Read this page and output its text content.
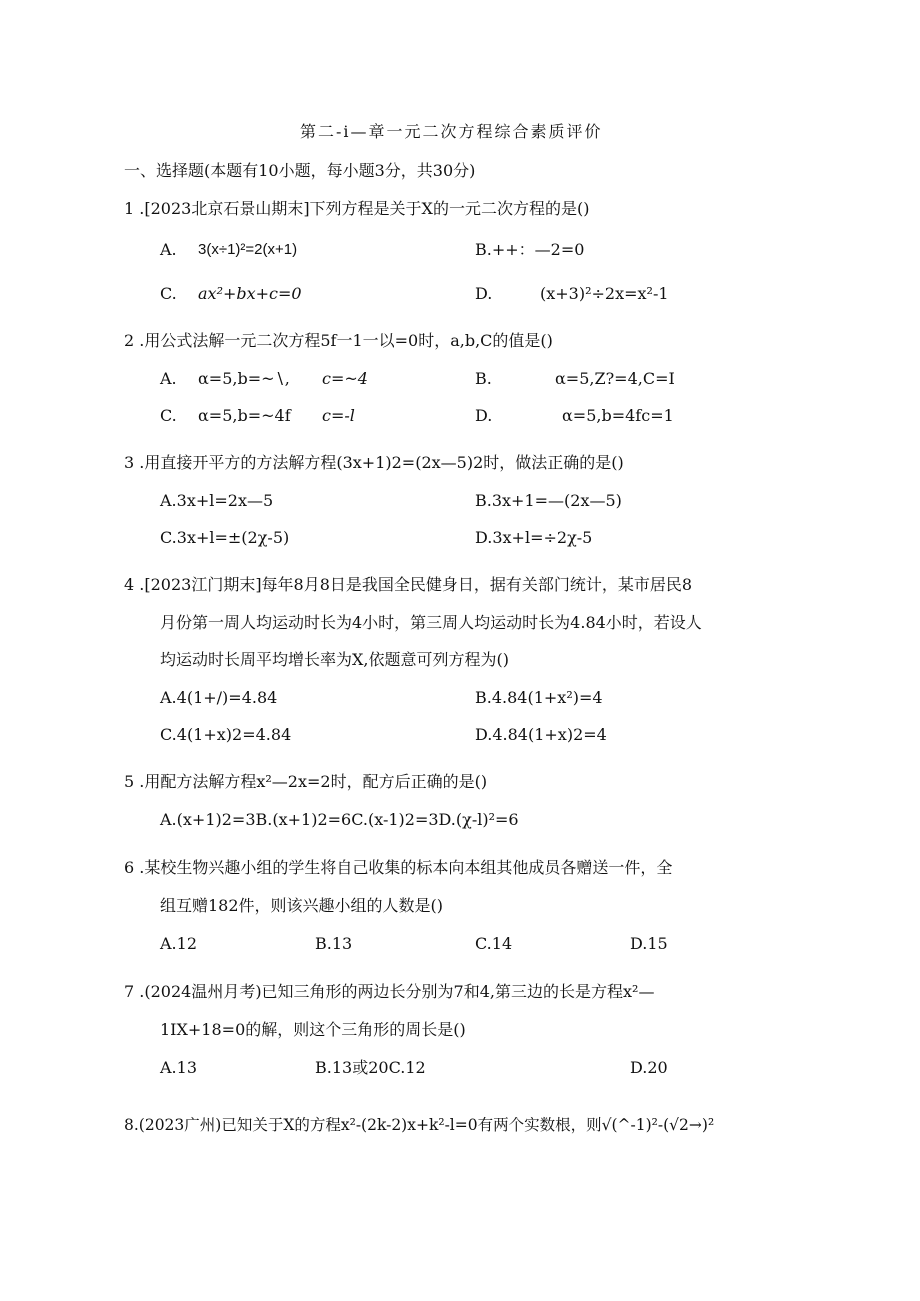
第二-i—章一元二次方程综合素质评价
一、选择题(本题有10小题，每小题3分，共30分)
1 .[2023北京石景山期末]下列方程是关于X的一元二次方程的是()
A. 3(x÷1)²=2(x+1)	B.++：—2=0
C. ax²+bx+c=0	D.	(x+3)²÷2x=x²-1
2 .用公式法解一元二次方程5f一1一以=0时，a,b,C的值是()
A. α=5,b=~∖, c=~4	B.	α=5,Z?=4,C=I
C. α=5,b=~4f c=-l	D.	α=5,b=4fc=1
3 .用直接开平方的方法解方程(3x+1)2=(2x—5)2时，做法正确的是()
A.3x+l=2x—5	B.3x+1=—(2x—5)
C.3x+l=±(2χ-5)	D.3x+l=÷2χ-5
4 .[2023江门期末]每年8月8日是我国全民健身日，据有关部门统计，某市居民8
月份第一周人均运动时长为4小时，第三周人均运动时长为4.84小时，若设人
均运动时长周平均增长率为X,依题意可列方程为()
A.4(1+/)=4.84	B.4.84(1+x²)=4
C.4(1+x)2=4.84	D.4.84(1+x)2=4
5 .用配方法解方程x²—2x=2时，配方后正确的是()
A.(x+1)2=3B.(x+1)2=6C.(x-1)2=3D.(χ-l)²=6
6 .某校生物兴趣小组的学生将自己收集的标本向本组其他成员各赠送一件，全
组互赠182件，则该兴趣小组的人数是()
A.12	B.13	C.14	D.15
7 .(2024温州月考)已知三角形的两边长分别为7和4,第三边的长是方程x²—
1IX+18=0的解，则这个三角形的周长是()
A.13	B.13或20C.12	D.20
8.(2023广州)已知关于X的方程x²-(2k-2)x+k²-l=0有两个实数根，则√(^-1)²-(√2→)²
